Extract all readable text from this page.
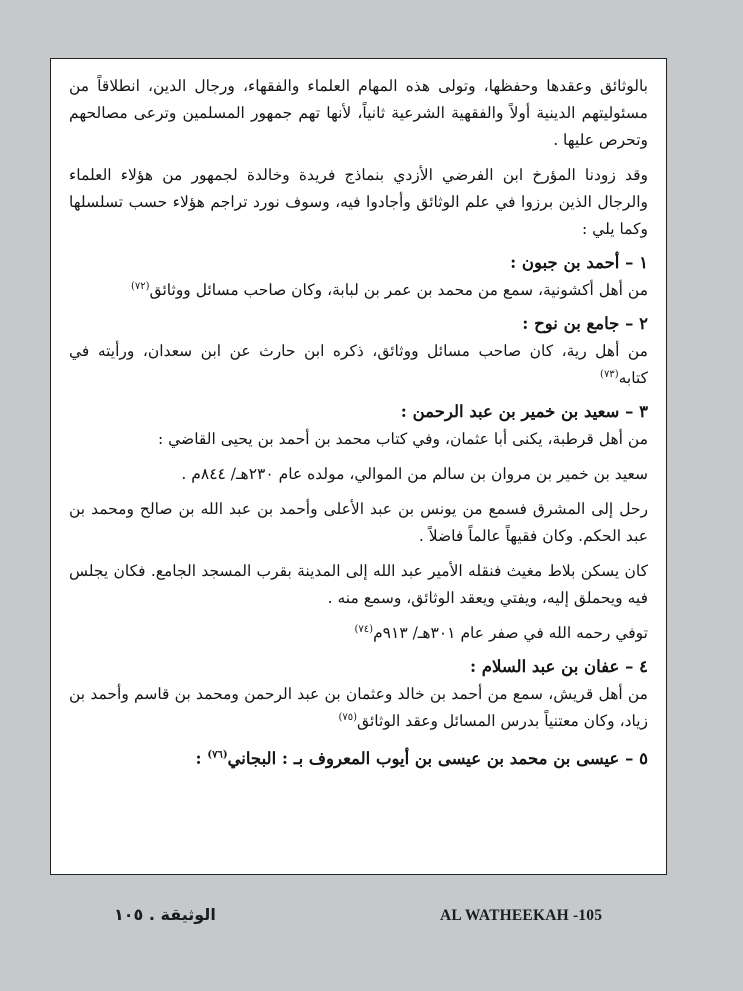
بالوثائق وعقدها وحفظها، وتولى هذه المهام العلماء والفقهاء، ورجال الدين، انطلاقاً من مسئوليتهم الدينية أولاً والفقهية الشرعية ثانياً، لأنها تهم جمهور المسلمين وترعى مصالحهم وتحرص عليها .

وقد زودنا المؤرخ ابن الفرضي الأزدي بنماذج فريدة وخالدة لجمهور من هؤلاء العلماء والرجال الذين برزوا في علم الوثائق وأجادوا فيه، وسوف نورد تراجم هؤلاء حسب تسلسلها وكما يلي :

١ – أحمد بن جبون :

من أهل أكشونية، سمع من محمد بن عمر بن لبابة، وكان صاحب مسائل ووثائق$^{(٧٢)}$

٢ – جامع بن نوح :

من أهل رية، كان صاحب مسائل ووثائق، ذكره ابن حارث عن ابن سعدان، ورأيته في كتابه$^{(٧٣)}$

٣ – سعيد بن خمير بن عبد الرحمن :

من أهل قرطبة، يكنى أبا عثمان، وفي كتاب محمد بن أحمد بن يحيى القاضي :

سعيد بن خمير بن مروان بن سالم من الموالي، مولده عام ٢٣٠هـ/ ٨٤٤م .

رحل إلى المشرق فسمع من يونس بن عبد الأعلى وأحمد بن عبد الله بن صالح ومحمد بن عبد الحكم. وكان فقيهاً عالماً فاضلاً .

كان يسكن بلاط مغيث فنقله الأمير عبد الله إلى المدينة بقرب المسجد الجامع. فكان يجلس فيه ويحملق إليه، ويفتي ويعقد الوثائق، وسمع منه .

توفي رحمه الله في صفر عام ٣٠١هـ/ ٩١٣م$^{(٧٤)}$

٤ – عفان بن عبد السلام :

من أهل قريش، سمع من أحمد بن خالد وعثمان بن عبد الرحمن ومحمد بن قاسم وأحمد بن زياد، وكان معتنياً بدرس المسائل وعقد الوثائق$^{(٧٥)}$

٥ – عيسى بن محمد بن عيسى بن أيوب المعروف بـ : البجاني$^{(٧٦)}$ :
الوثيقة . ١٠٥	AL WATHEEKAH -105
